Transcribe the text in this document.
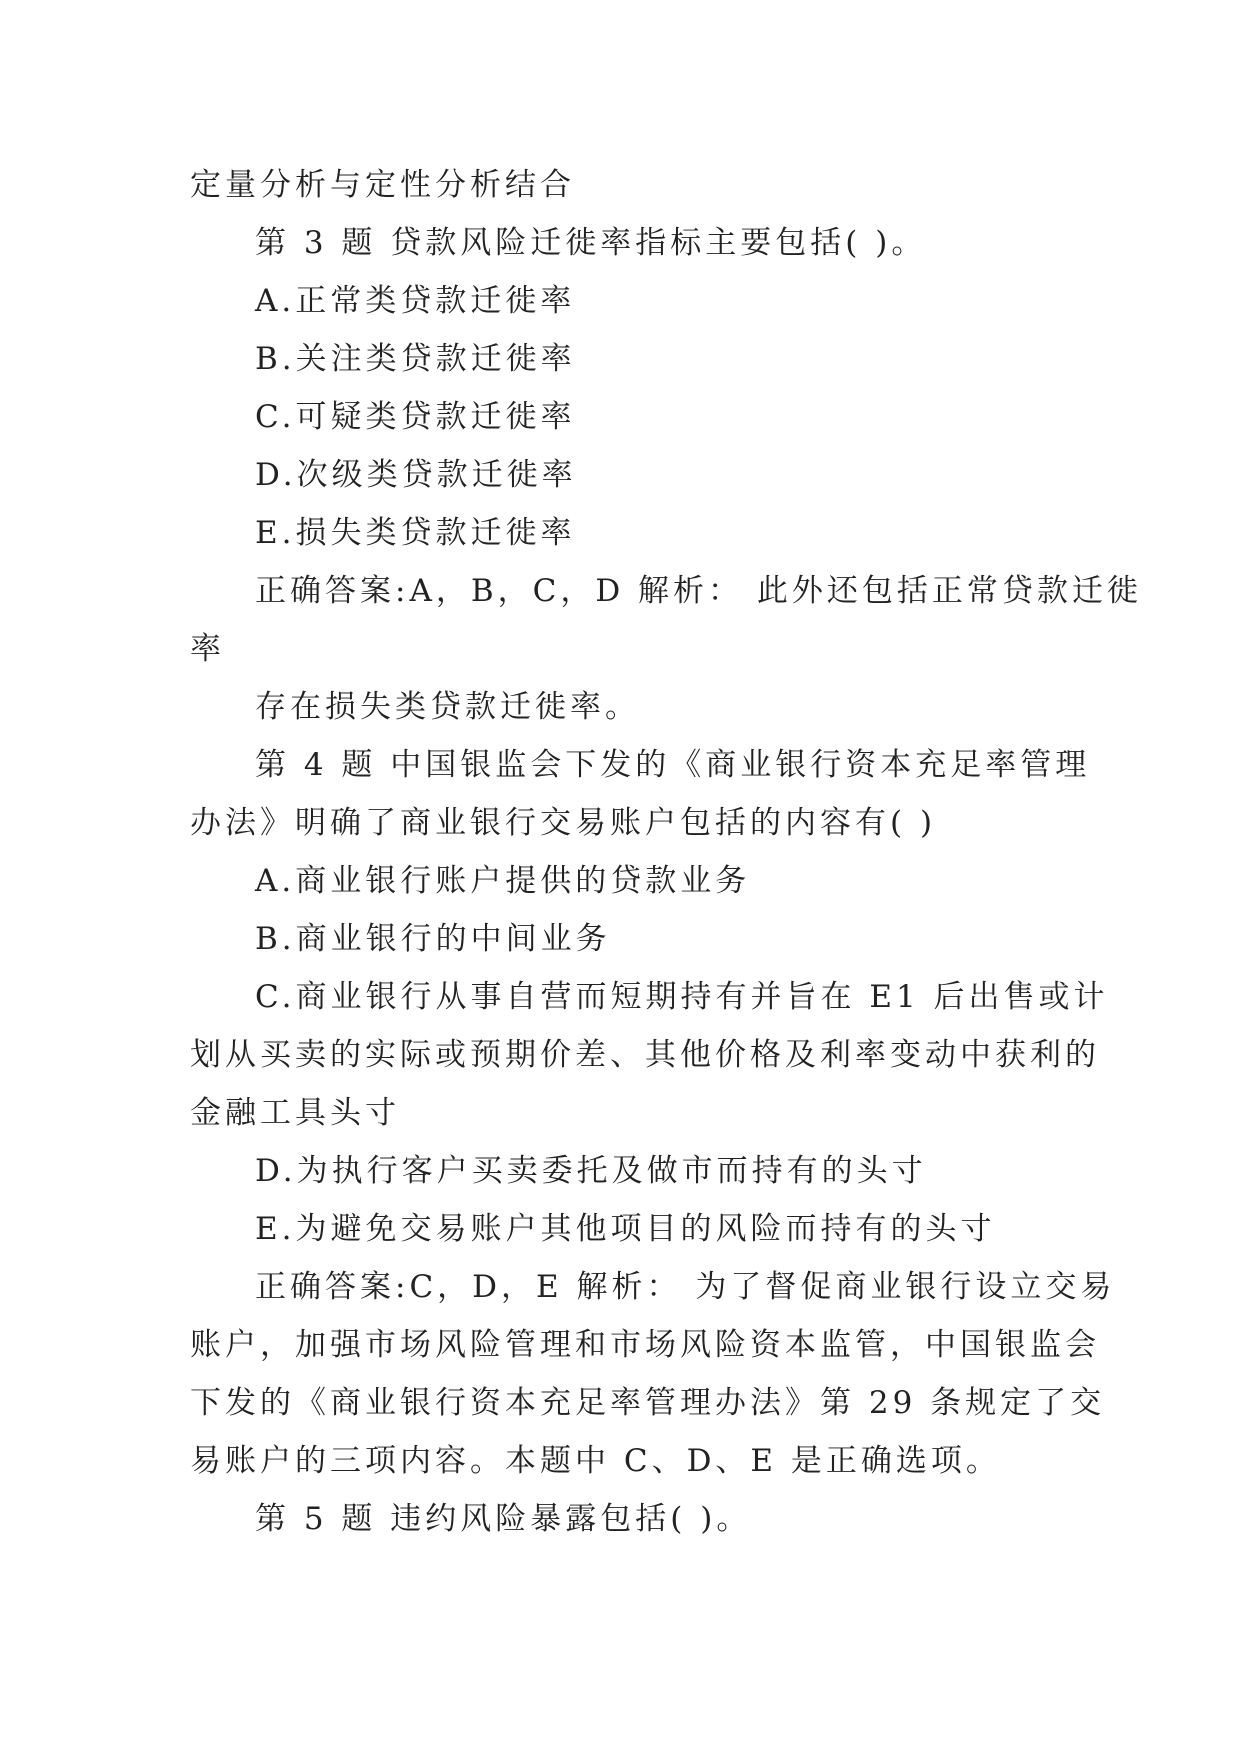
定量分析与定性分析结合
第 3 题 贷款风险迁徙率指标主要包括( )。
A.正常类贷款迁徙率
B.关注类贷款迁徙率
C.可疑类贷款迁徙率
D.次级类贷款迁徙率
E.损失类贷款迁徙率
正确答案:A，B，C，D 解析： 此外还包括正常贷款迁徙
率
存在损失类贷款迁徙率。
第 4 题 中国银监会下发的《商业银行资本充足率管理
办法》明确了商业银行交易账户包括的内容有( )
A.商业银行账户提供的贷款业务
B.商业银行的中间业务
C.商业银行从事自营而短期持有并旨在 E1 后出售或计
划从买卖的实际或预期价差、其他价格及利率变动中获利的
金融工具头寸
D.为执行客户买卖委托及做市而持有的头寸
E.为避免交易账户其他项目的风险而持有的头寸
正确答案:C，D，E 解析： 为了督促商业银行设立交易
账户，加强市场风险管理和市场风险资本监管，中国银监会
下发的《商业银行资本充足率管理办法》第 29 条规定了交
易账户的三项内容。本题中 C、D、E 是正确选项。
第 5 题 违约风险暴露包括( )。
